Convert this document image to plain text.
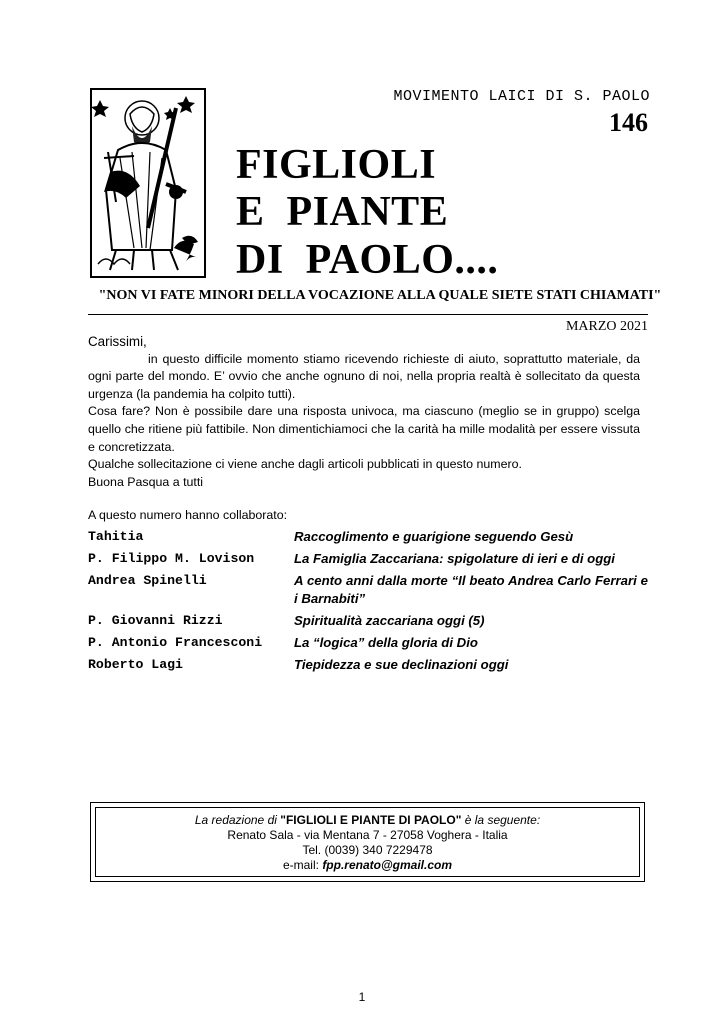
MOVIMENTO LAICI DI S. PAOLO
146
FIGLIOLI
E  PIANTE
DI  PAOLO....
"NON VI FATE MINORI DELLA VOCAZIONE ALLA QUALE SIETE STATI CHIAMATI"
MARZO 2021

Carissimi,

in questo difficile momento stiamo ricevendo richieste di aiuto, soprattutto materiale, da ogni parte del mondo. E’ ovvio che anche ognuno di noi, nella propria realtà è sollecitato da questa urgenza (la pandemia ha colpito tutti).

Cosa fare? Non è possibile dare una risposta univoca, ma ciascuno (meglio se in gruppo) scelga quello che ritiene più fattibile. Non dimentichiamoci che la carità ha mille modalità per essere vissuta e concretizzata.

Qualche sollecitazione ci viene anche dagli articoli pubblicati in questo numero.

Buona Pasqua a tutti

A questo numero hanno collaborato:
Tahitia	Raccoglimento e guarigione seguendo Gesù
P. Filippo M. Lovison	La Famiglia Zaccariana: spigolature di ieri e di oggi
Andrea Spinelli	A cento anni dalla morte “Il beato Andrea Carlo Ferrari e i Barnabiti”
P. Giovanni Rizzi	Spiritualità zaccariana oggi (5)
P. Antonio Francesconi	La “logica” della gloria di Dio
Roberto Lagi	Tiepidezza e sue declinazioni oggi
La redazione di "FIGLIOLI E PIANTE DI PAOLO" è la seguente:
Renato Sala - via Mentana 7 - 27058 Voghera - Italia
Tel. (0039) 340 7229478
e-mail: fpp.renato@gmail.com
1
